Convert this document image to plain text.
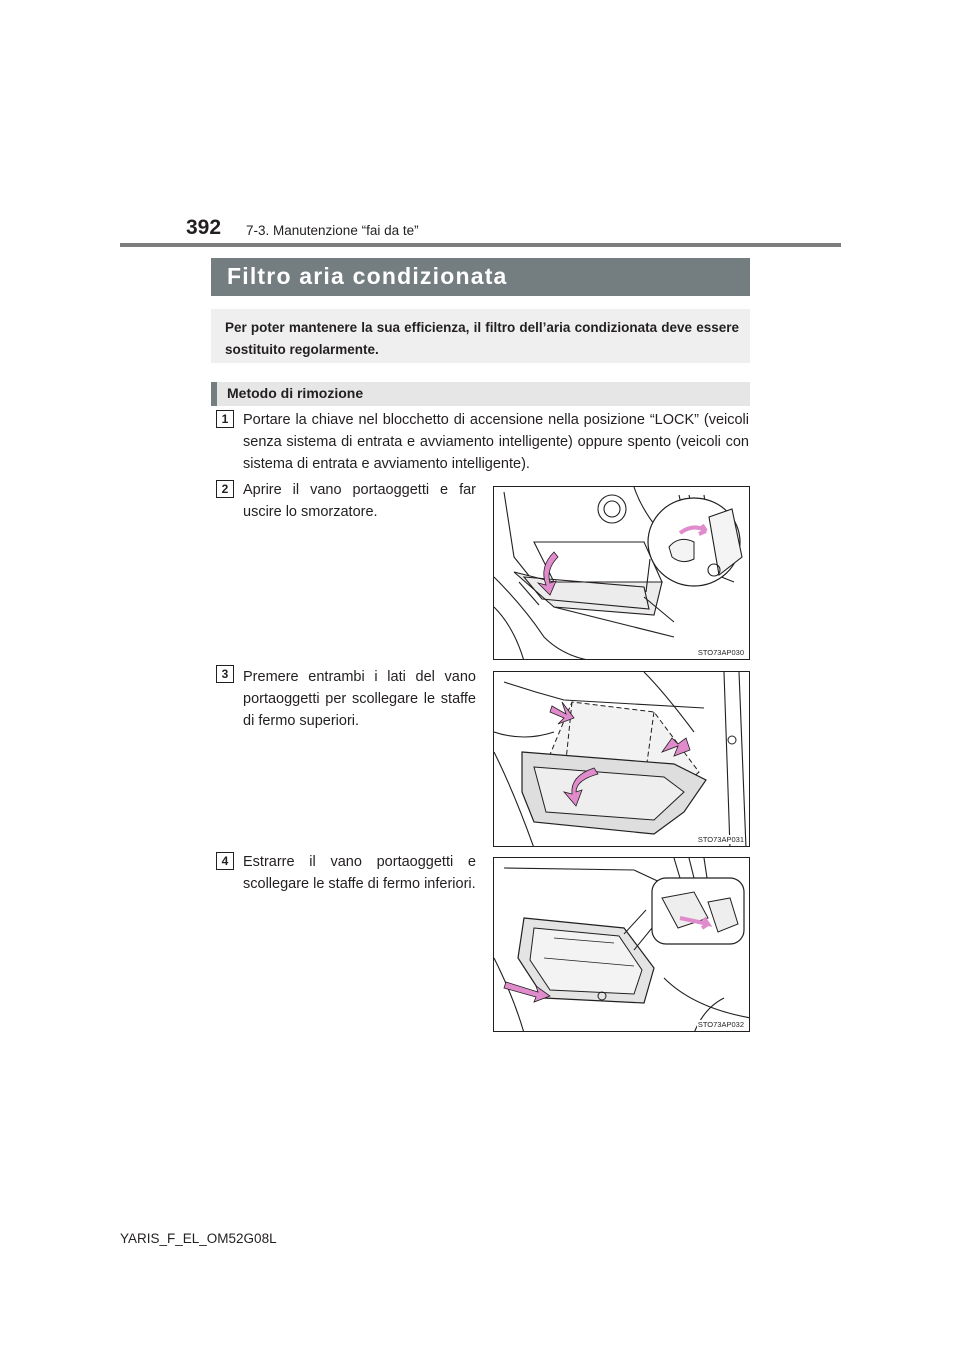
392 7-3. Manutenzione “fai da te”
Filtro aria condizionata
Per poter mantenere la sua efficienza, il filtro dell’aria condizionata deve essere sostituito regolarmente.
Metodo di rimozione
1	Portare la chiave nel blocchetto di accensione nella posizione “LOCK” (veicoli senza sistema di entrata e avviamento intelligente) oppure spento (veicoli con sistema di entrata e avviamento intelligente).
2	Aprire il vano portaoggetti e far uscire lo smorzatore.
STO73AP030
3	Premere entrambi i lati del vano portaoggetti per scollegare le staffe di fermo superiori.
STO73AP031
4	Estrarre il vano portaoggetti e scollegare le staffe di fermo inferiori.
STO73AP032
YARIS_F_EL_OM52G08L
